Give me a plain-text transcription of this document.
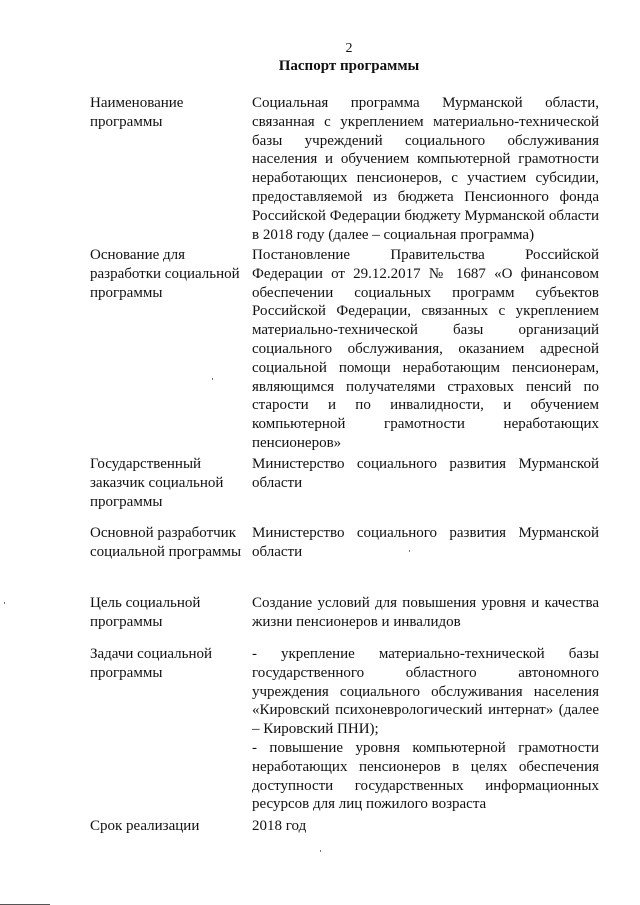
2
Паспорт программы
Наименование программы

Социальная программа Мурманской области, связанная с укреплением материально-технической базы учреждений социального обслуживания населения и обучением компьютерной грамотности неработающих пенсионеров, с участием субсидии, предоставляемой из бюджета Пенсионного фонда Российской Федерации бюджету Мурманской области в 2018 году (далее – социальная программа)

Основание для разработки социальной программы

Постановление Правительства Российской Федерации от 29.12.2017 № 1687 «О финансовом обеспечении социальных программ субъектов Российской Федерации, связанных с укреплением материально-технической базы организаций социального обслуживания, оказанием адресной социальной помощи неработающим пенсионерам, являющимся получателями страховых пенсий по старости и по инвалидности, и обучением компьютерной грамотности неработающих пенсионеров»

Государственный заказчик социальной программы

Министерство социального развития Мурманской области

Основной разработчик социальной программы

Министерство социального развития Мурманской области

Цель социальной программы

Создание условий для повышения уровня и качества жизни пенсионеров и инвалидов

Задачи социальной программы

- укрепление материально-технической базы государственного областного автономного учреждения социального обслуживания населения «Кировский психоневрологический интернат» (далее – Кировский ПНИ);

- повышение уровня компьютерной грамотности неработающих пенсионеров в целях обеспечения доступности государственных информационных ресурсов для лиц пожилого возраста

Срок реализации	2018 год
